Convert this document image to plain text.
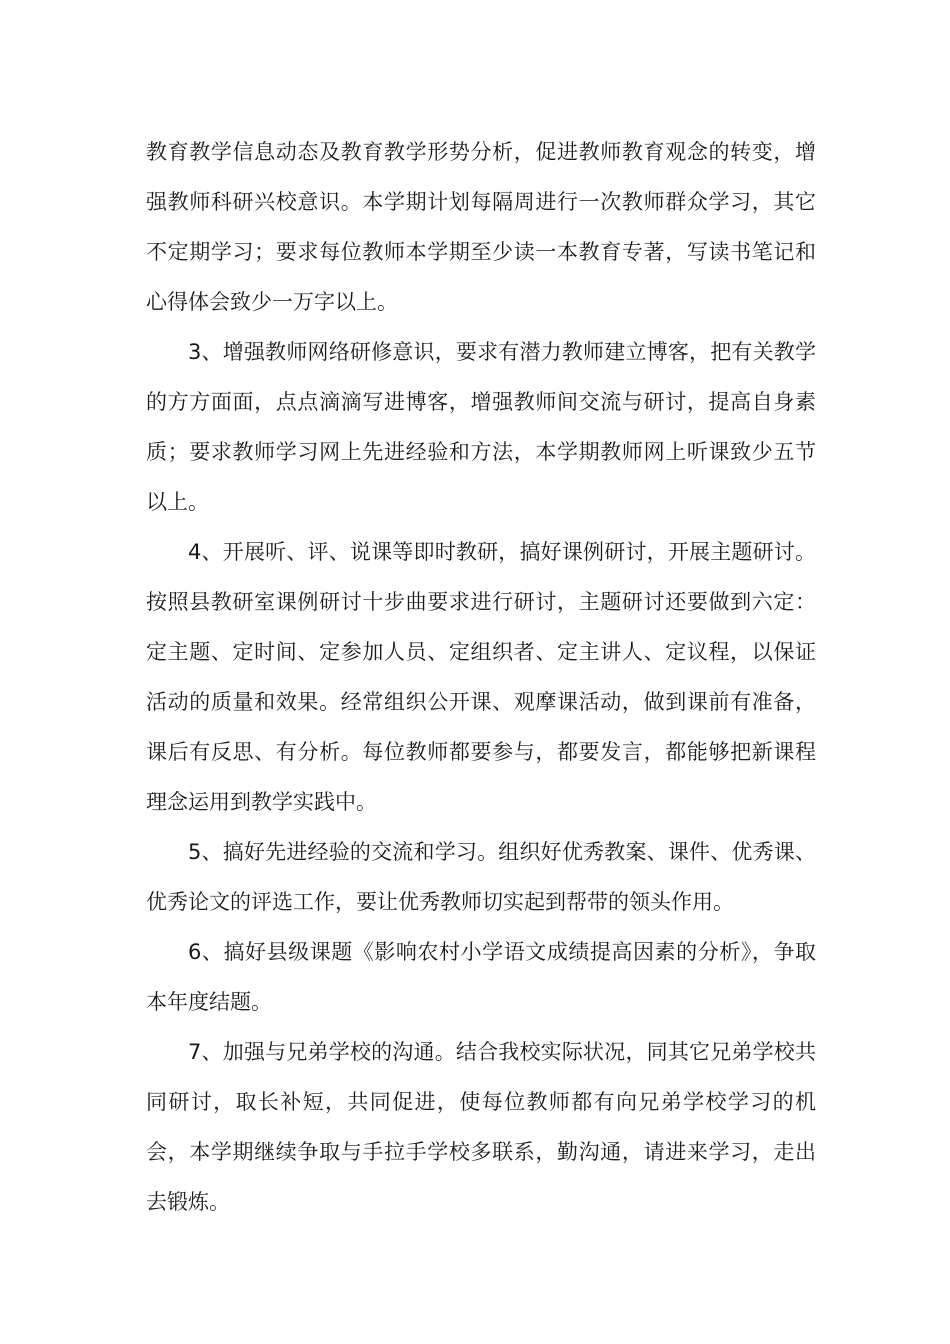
教育教学信息动态及教育教学形势分析，促进教师教育观念的转变，增强教师科研兴校意识。本学期计划每隔周进行一次教师群众学习，其它不定期学习；要求每位教师本学期至少读一本教育专著，写读书笔记和心得体会致少一万字以上。

3、增强教师网络研修意识，要求有潜力教师建立博客，把有关教学的方方面面，点点滴滴写进博客，增强教师间交流与研讨，提高自身素质；要求教师学习网上先进经验和方法，本学期教师网上听课致少五节以上。

4、开展听、评、说课等即时教研，搞好课例研讨，开展主题研讨。按照县教研室课例研讨十步曲要求进行研讨，主题研讨还要做到六定：定主题、定时间、定参加人员、定组织者、定主讲人、定议程，以保证活动的质量和效果。经常组织公开课、观摩课活动，做到课前有准备，课后有反思、有分析。每位教师都要参与，都要发言，都能够把新课程理念运用到教学实践中。

5、搞好先进经验的交流和学习。组织好优秀教案、课件、优秀课、优秀论文的评选工作，要让优秀教师切实起到帮带的领头作用。

6、搞好县级课题《影响农村小学语文成绩提高因素的分析》，争取本年度结题。

7、加强与兄弟学校的沟通。结合我校实际状况，同其它兄弟学校共同研讨，取长补短，共同促进，使每位教师都有向兄弟学校学习的机会，本学期继续争取与手拉手学校多联系，勤沟通，请进来学习，走出去锻炼。
